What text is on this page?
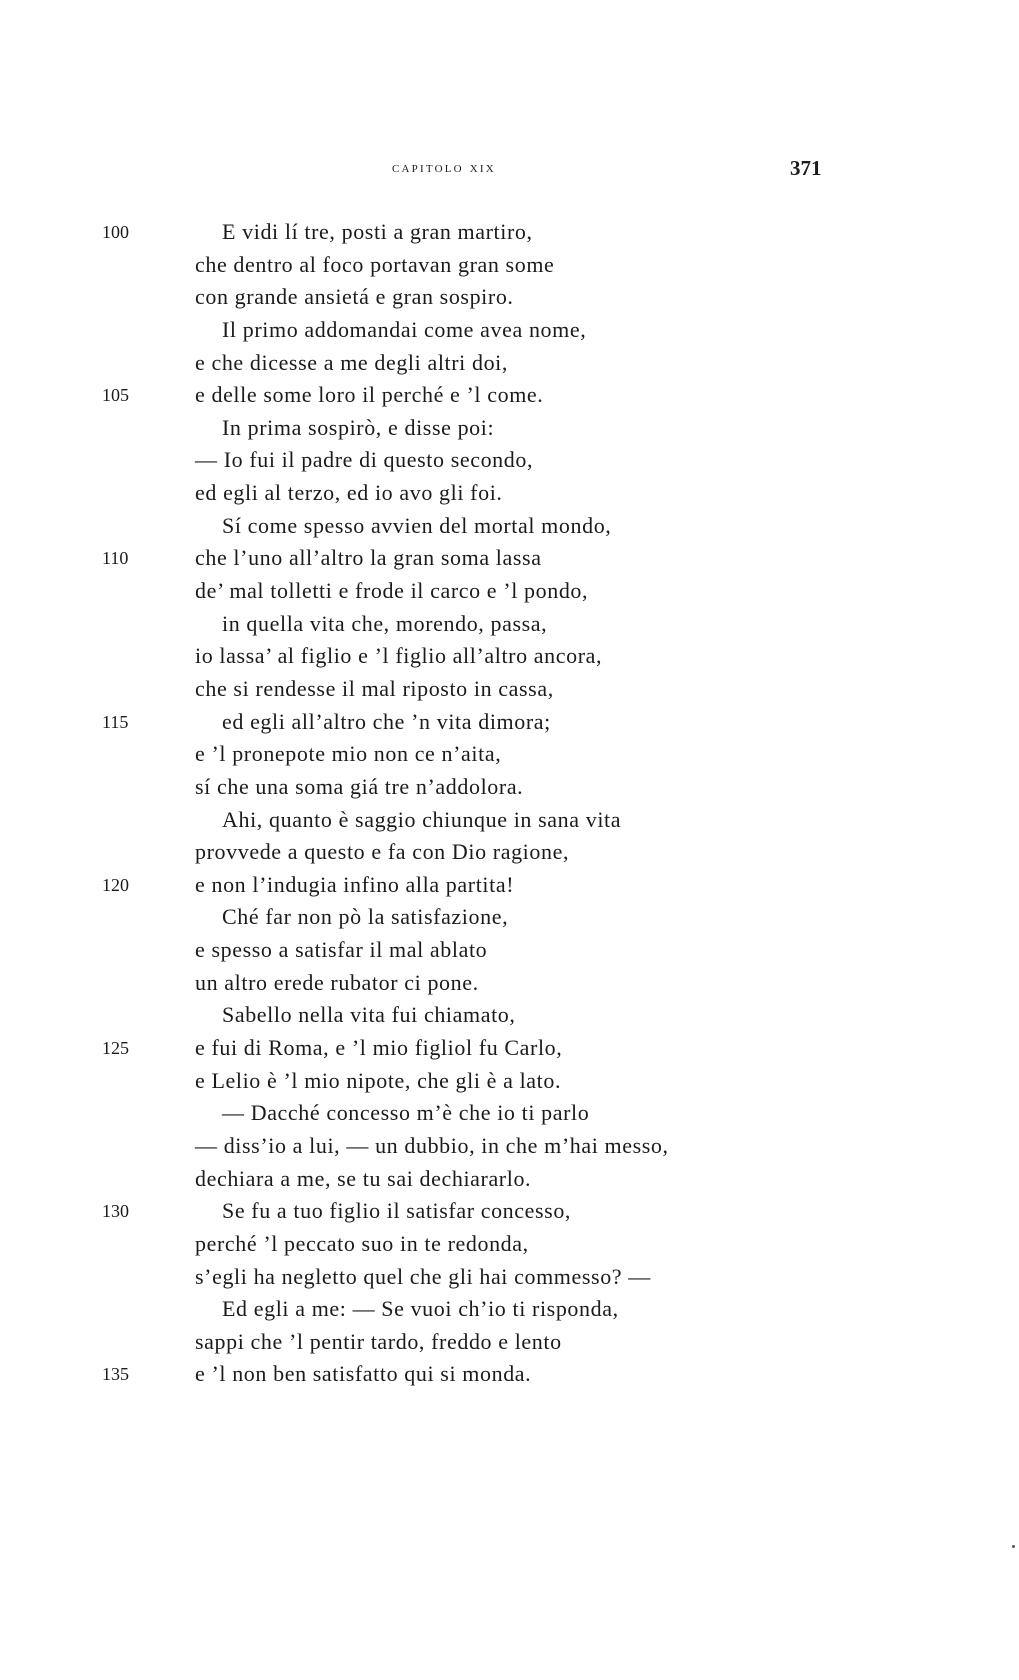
capitolo xix	371
100	E vidi lí tre, posti a gran martiro,
che dentro al foco portavan gran some
con grande ansietá e gran sospiro.
Il primo addomandai come avea nome,
e che dicesse a me degli altri doi,
105	e delle some loro il perché e ’l come.
In prima sospirò, e disse poi:
— Io fui il padre di questo secondo,
ed egli al terzo, ed io avo gli foi.
Sí come spesso avvien del mortal mondo,
110	che l’uno all’altro la gran soma lassa
de’ mal tolletti e frode il carco e ’l pondo,
in quella vita che, morendo, passa,
io lassa’ al figlio e ’l figlio all’altro ancora,
che si rendesse il mal riposto in cassa,
115	ed egli all’altro che ’n vita dimora;
e ’l pronepote mio non ce n’aita,
sí che una soma giá tre n’addolora.
Ahi, quanto è saggio chiunque in sana vita
provvede a questo e fa con Dio ragione,
120	e non l’indugia infino alla partita!
Ché far non pò la satisfazione,
e spesso a satisfar il mal ablato
un altro erede rubator ci pone.
Sabello nella vita fui chiamato,
125	e fui di Roma, e ’l mio figliol fu Carlo,
e Lelio è ’l mio nipote, che gli è a lato.
— Dacché concesso m’è che io ti parlo
— diss’io a lui, — un dubbio, in che m’hai messo,
dechiara a me, se tu sai dechiararlo.
130	Se fu a tuo figlio il satisfar concesso,
perché ’l peccato suo in te redonda,
s’egli ha negletto quel che gli hai commesso? —
Ed egli a me: — Se vuoi ch’io ti risponda,
sappi che ’l pentir tardo, freddo e lento
135	e ’l non ben satisfatto qui si monda.
